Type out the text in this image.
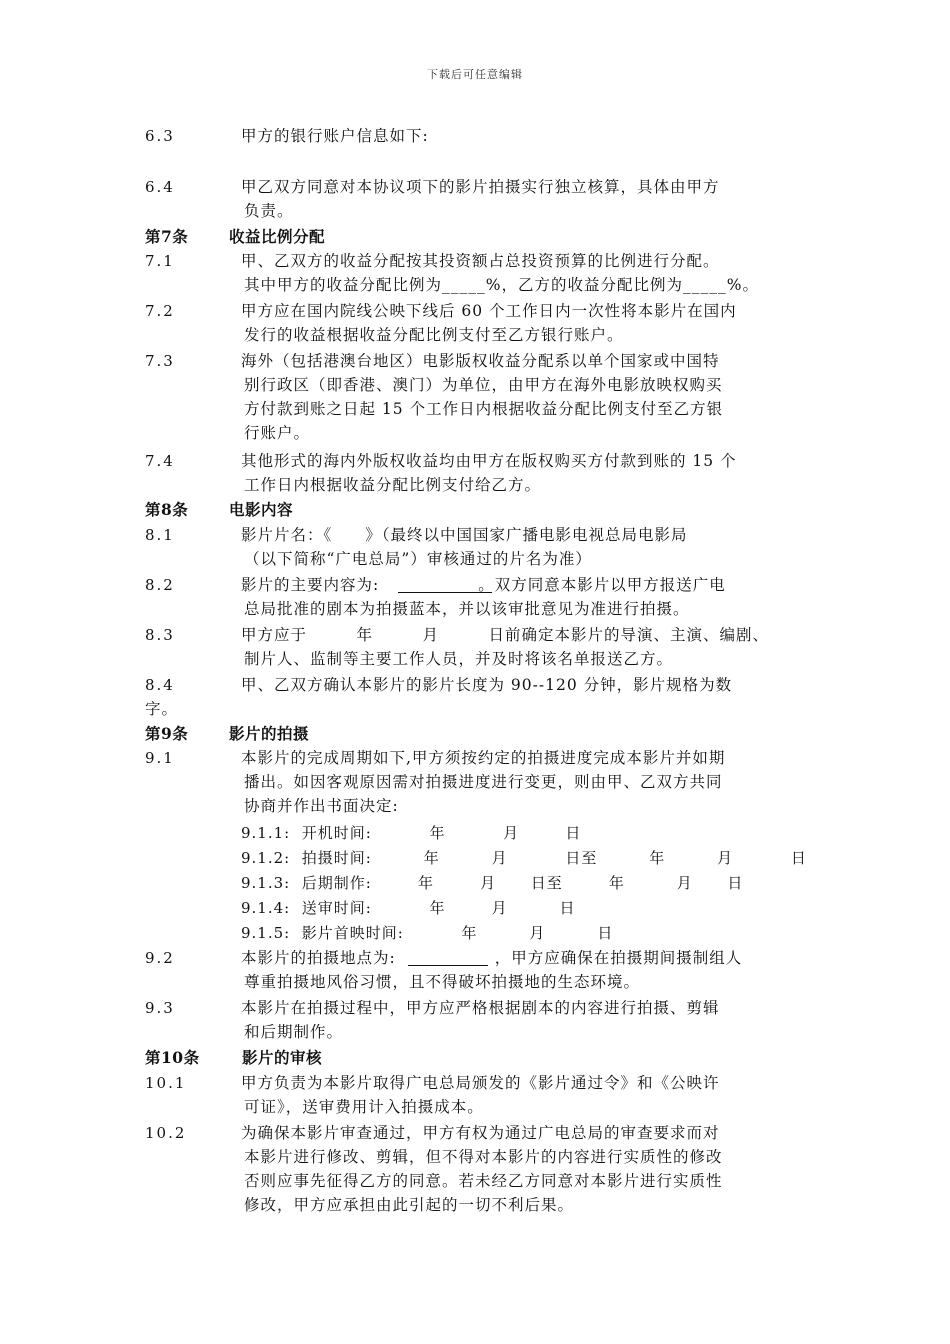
下载后可任意编辑
6.3	甲方的银行账户信息如下:
6.4	甲乙双方同意对本协议项下的影片拍摄实行独立核算，具体由甲方
负责。
第7条	收益比例分配
7.1	甲、乙双方的收益分配按其投资额占总投资预算的比例进行分配。
其中甲方的收益分配比例为_____%，乙方的收益分配比例为_____%。
7.2	甲方应在国内院线公映下线后 60 个工作日内一次性将本影片在国内
发行的收益根据收益分配比例支付至乙方银行账户。
7.3	海外（包括港澳台地区）电影版权收益分配系以单个国家或中国特
别行政区（即香港、澳门）为单位，由甲方在海外电影放映权购买
方付款到账之日起 15 个工作日内根据收益分配比例支付至乙方银
行账户。
7.4	其他形式的海内外版权收益均由甲方在版权购买方付款到账的 15 个
工作日内根据收益分配比例支付给乙方。
第8条	电影内容
8.1	影片片名：《　　》（最终以中国国家广播电影电视总局电影局
（以下简称“广电总局”）审核通过的片名为准）
8.2	影片的主要内容为:　　　　　　。双方同意本影片以甲方报送广电
总局批准的剧本为拍摄蓝本，并以该审批意见为准进行拍摄。
8.3	甲方应于　　　年　　　月　　　日前确定本影片的导演、主演、编剧、
制片人、监制等主要工作人员，并及时将该名单报送乙方。
8.4	甲、乙双方确认本影片的影片长度为 90--120 分钟，影片规格为数
字。
第9条	影片的拍摄
9.1	本影片的完成周期如下,甲方须按约定的拍摄进度完成本影片并如期
播出。如因客观原因需对拍摄进度进行变更，则由甲、乙双方共同
协商并作出书面决定:
9.1.1:  开机时间:          年          月        日
9.1.2:  拍摄时间:         年         月          日至         年         月          日
9.1.3:  后期制作:        年        月      日至        年         月      日
9.1.4:  送审时间:          年        月         日
9.1.5:  影片首映时间:          年         月         日
9.2	本影片的拍摄地点为:　　　　　　，甲方应确保在拍摄期间摄制组人
尊重拍摄地风俗习惯，且不得破坏拍摄地的生态环境。
9.3	本影片在拍摄过程中，甲方应严格根据剧本的内容进行拍摄、剪辑
和后期制作。
第10条	影片的审核
10.1	甲方负责为本影片取得广电总局颁发的《影片通过令》和《公映许
可证》，送审费用计入拍摄成本。
10.2	为确保本影片审查通过，甲方有权为通过广电总局的审查要求而对
本影片进行修改、剪辑，但不得对本影片的内容进行实质性的修改
否则应事先征得乙方的同意。若未经乙方同意对本影片进行实质性
修改，甲方应承担由此引起的一切不利后果。
